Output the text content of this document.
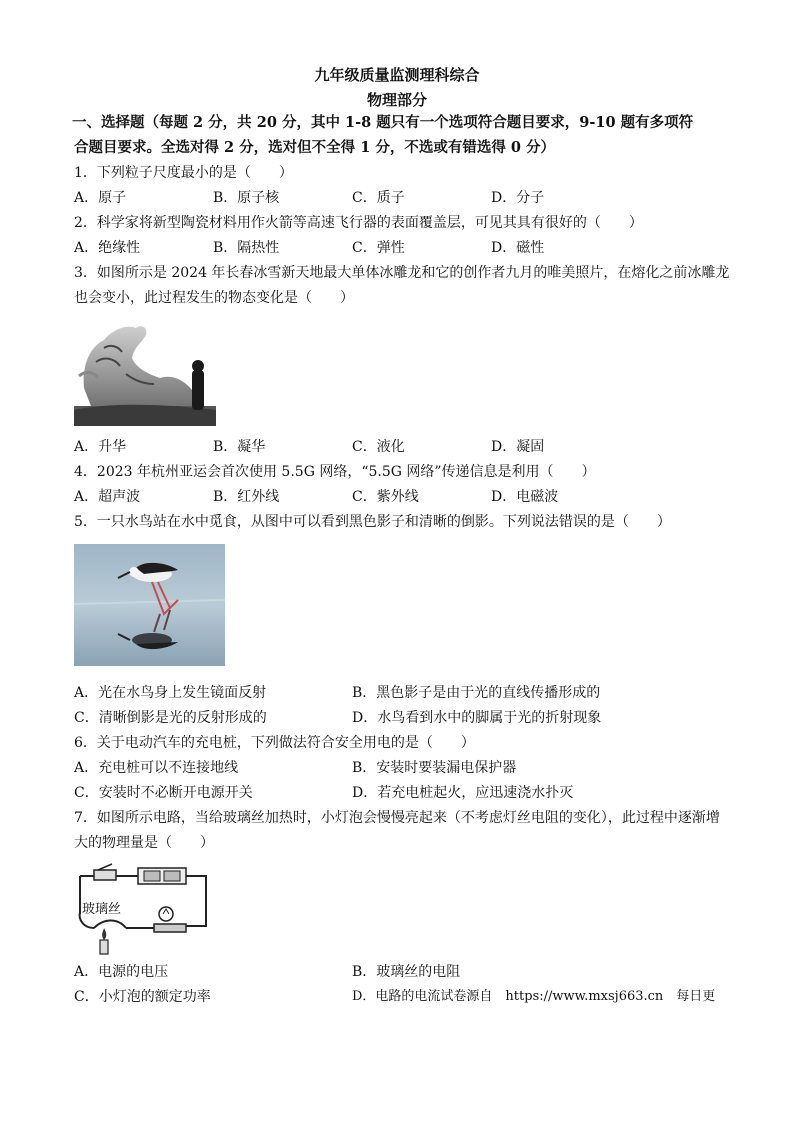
九年级质量监测理科综合
物理部分
一、选择题（每题 2 分，共 20 分，其中 1-8 题只有一个选项符合题目要求，9-10 题有多项符
合题目要求。全选对得 2 分，选对但不全得 1 分，不选或有错选得 0 分）
1．下列粒子尺度最小的是（　　）
A．原子	B．原子核	C．质子	D．分子
2．科学家将新型陶瓷材料用作火箭等高速飞行器的表面覆盖层，可见其具有很好的（　　）
A．绝缘性	B．隔热性	C．弹性	D．磁性
3．如图所示是 2024 年长春冰雪新天地最大单体冰雕龙和它的创作者九月的唯美照片，在熔化之前冰雕龙
也会变小，此过程发生的物态变化是（　　）
A．升华	B．凝华	C．液化	D．凝固
4．2023 年杭州亚运会首次使用 5.5G 网络，“5.5G 网络”传递信息是利用（　　）
A．超声波	B．红外线	C．紫外线	D．电磁波
5．一只水鸟站在水中觅食，从图中可以看到黑色影子和清晰的倒影。下列说法错误的是（　　）
A．光在水鸟身上发生镜面反射	B．黑色影子是由于光的直线传播形成的
C．清晰倒影是光的反射形成的	D．水鸟看到水中的脚属于光的折射现象
6．关于电动汽车的充电桩，下列做法符合安全用电的是（　　）
A．充电桩可以不连接地线	B．安装时要装漏电保护器
C．安装时不必断开电源开关	D．若充电桩起火，应迅速浇水扑灭
7．如图所示电路，当给玻璃丝加热时，小灯泡会慢慢亮起来（不考虑灯丝电阻的变化），此过程中逐渐增
大的物理量是（　　）
玻璃丝
A．电源的电压	B．玻璃丝的电阻
C．小灯泡的额定功率	D．电路的电流试卷源自　https://www.mxsj663.cn　每日更
